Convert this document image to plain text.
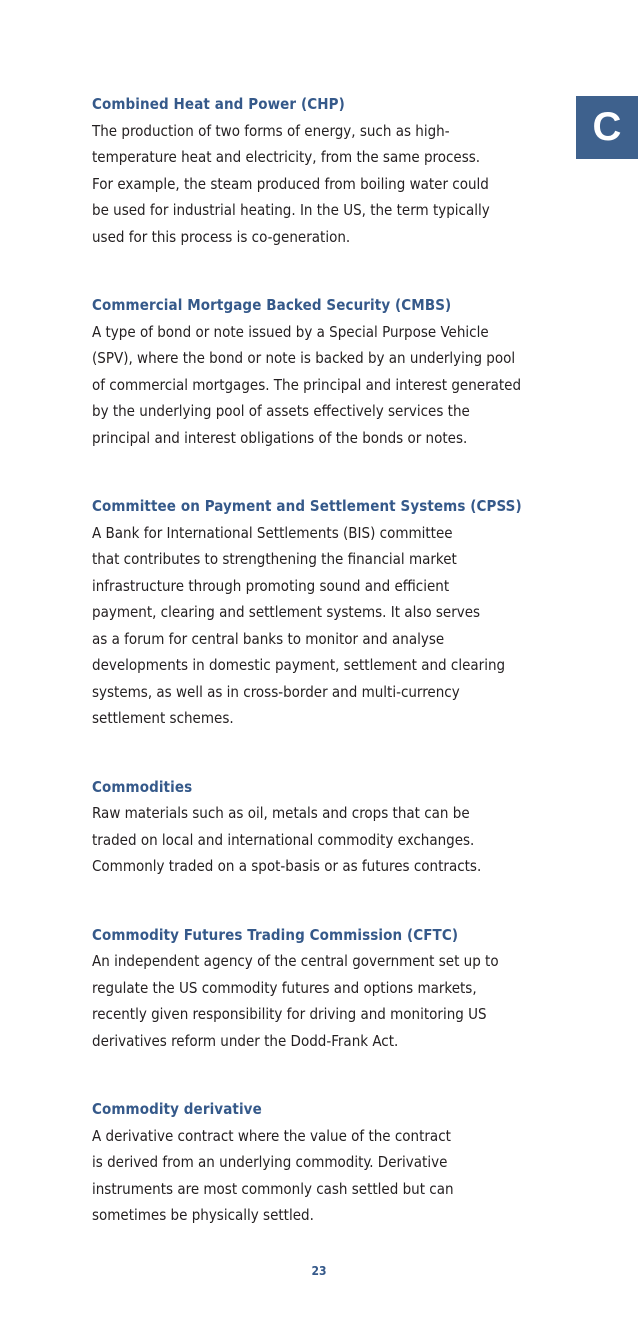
C

Combined Heat and Power (CHP)

The production of two forms of energy, such as high-
temperature heat and electricity, from the same process.
For example, the steam produced from boiling water could
be used for industrial heating. In the US, the term typically
used for this process is co-generation.

Commercial Mortgage Backed Security (CMBS)

A type of bond or note issued by a Special Purpose Vehicle
(SPV), where the bond or note is backed by an underlying pool
of commercial mortgages. The principal and interest generated
by the underlying pool of assets effectively services the
principal and interest obligations of the bonds or notes.

Committee on Payment and Settlement Systems (CPSS)

A Bank for International Settlements (BIS) committee
that contributes to strengthening the financial market
infrastructure through promoting sound and efficient
payment, clearing and settlement systems. It also serves
as a forum for central banks to monitor and analyse
developments in domestic payment, settlement and clearing
systems, as well as in cross-border and multi-currency
settlement schemes.

Commodities

Raw materials such as oil, metals and crops that can be
traded on local and international commodity exchanges.
Commonly traded on a spot-basis or as futures contracts.

Commodity Futures Trading Commission (CFTC)

An independent agency of the central government set up to
regulate the US commodity futures and options markets,
recently given responsibility for driving and monitoring US
derivatives reform under the Dodd-Frank Act.

Commodity derivative

A derivative contract where the value of the contract
is derived from an underlying commodity. Derivative
instruments are most commonly cash settled but can
sometimes be physically settled.

23
